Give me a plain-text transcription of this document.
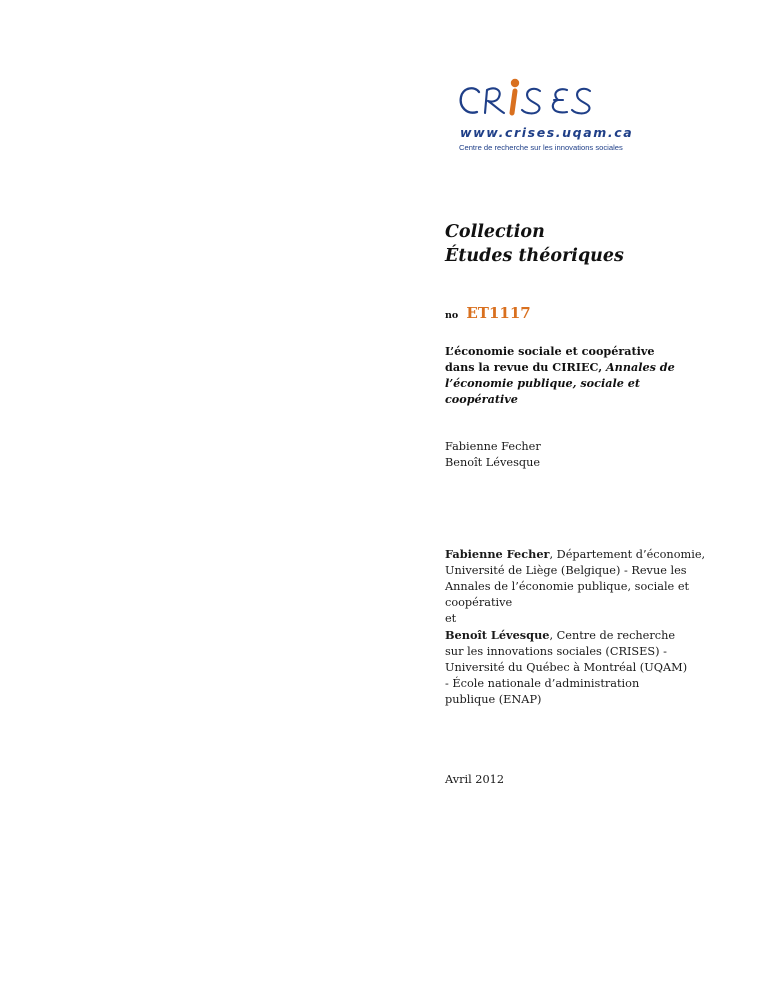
www.crises.uqam.ca

Centre de recherche sur les innovations sociales

Collection
Études théoriques

no ET1117

L’économie sociale et coopérative dans la revue du CIRIEC, Annales de l’économie publique, sociale et coopérative

Fabienne Fecher
Benoît Lévesque

Fabienne Fecher, Département d’économie,
Université de Liège (Belgique) - Revue les
Annales de l’économie publique, sociale et
coopérative
et
Benoît Lévesque, Centre de recherche
sur les innovations sociales (CRISES) -
Université du Québec à Montréal (UQAM)
- École nationale d’administration
publique (ENAP)

Avril 2012
